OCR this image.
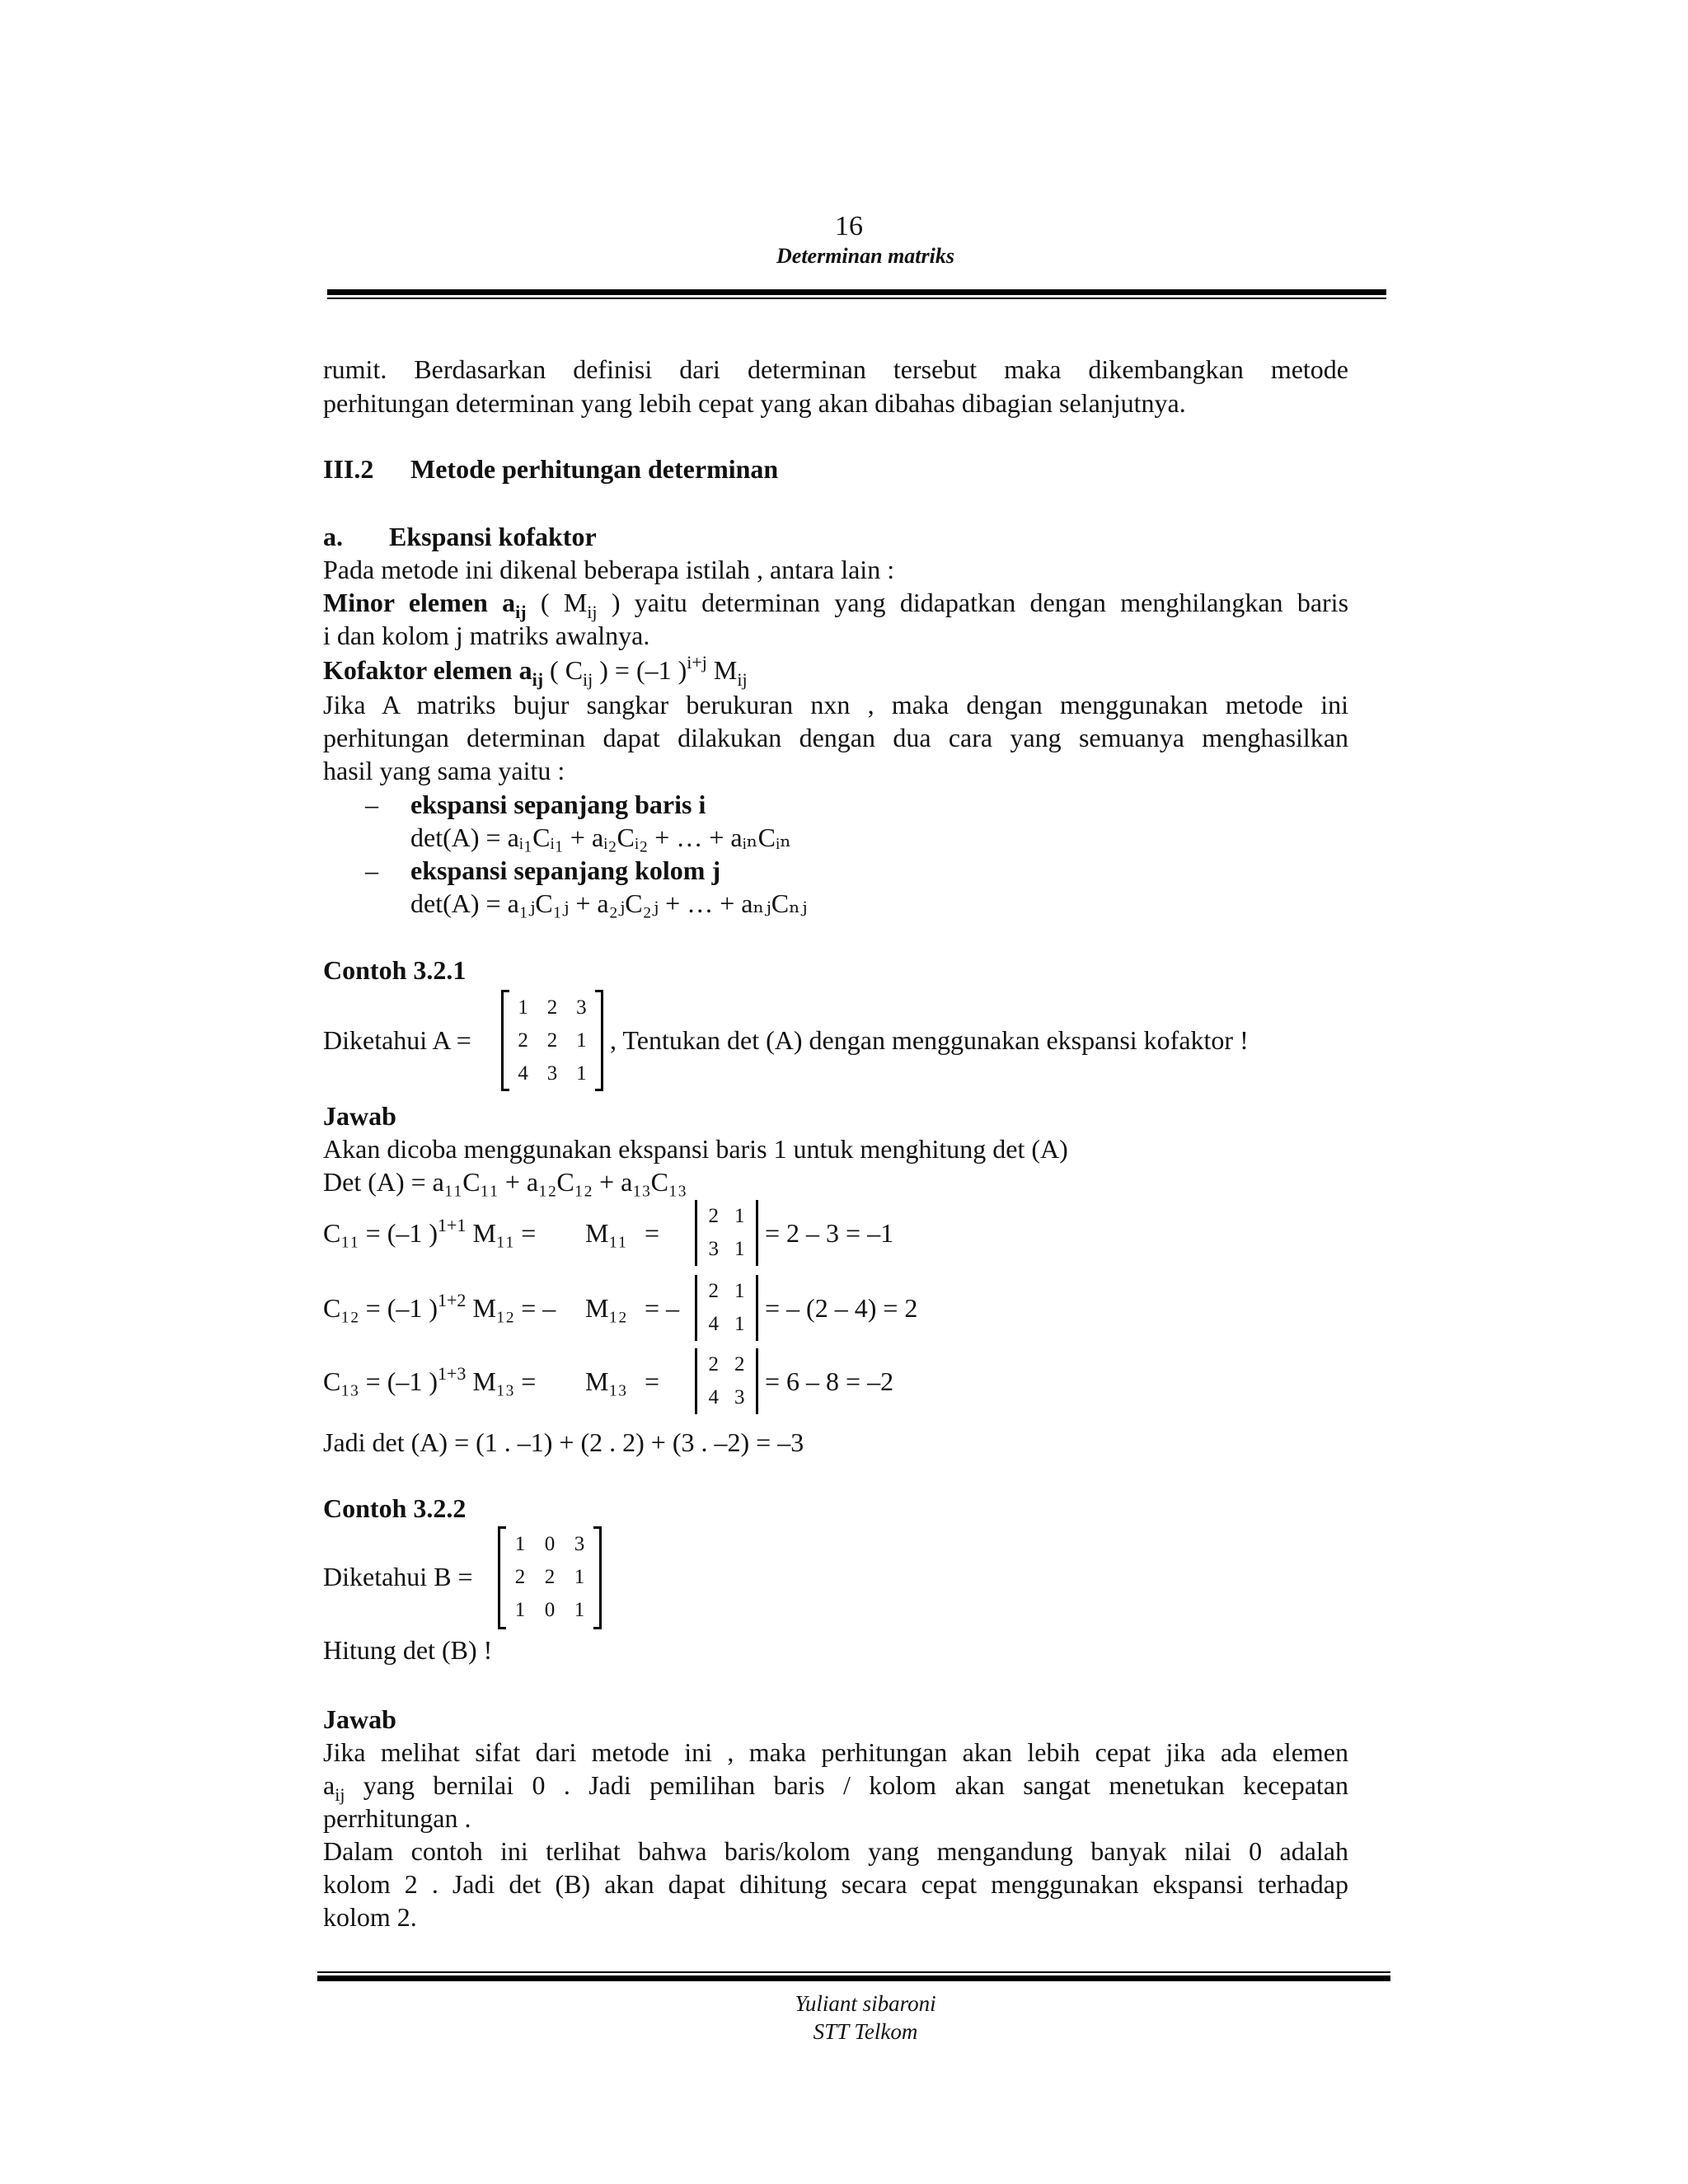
16
Determinan matriks
rumit. Berdasarkan definisi dari determinan tersebut maka dikembangkan metode
perhitungan determinan yang lebih cepat yang akan dibahas dibagian selanjutnya.
III.2 Metode perhitungan determinan
a. Ekspansi kofaktor
Pada metode ini dikenal beberapa istilah , antara lain :
Minor elemen $a_{ij}$ ( $M_{ij}$ ) yaitu determinan yang didapatkan dengan menghilangkan baris
i dan kolom j matriks awalnya.
Kofaktor elemen $a_{ij}$ ( $C_{ij}$ ) = (–1 )$^{i+j}$ $M_{ij}$
Jika A matriks bujur sangkar berukuran nxn , maka dengan menggunakan metode ini
perhitungan determinan dapat dilakukan dengan dua cara yang semuanya menghasilkan
hasil yang sama yaitu :
– ekspansi sepanjang baris i
det(A) = aᵢ₁Cᵢ₁ + aᵢ₂Cᵢ₂ + … + aᵢₙCᵢₙ
– ekspansi sepanjang kolom j
det(A) = a₁ⱼC₁ⱼ + a₂ⱼC₂ⱼ + … + aₙⱼCₙⱼ
Contoh 3.2.1
Diketahui A =
1 2 3
2 2 1
4 3 1
, Tentukan det (A) dengan menggunakan ekspansi kofaktor !
Jawab
Akan dicoba menggunakan ekspansi baris 1 untuk menghitung det (A)
Det (A) = a₁₁C₁₁ + a₁₂C₁₂ + a₁₃C₁₃
C₁₁ = (–1 )$^{1+1}$ M₁₁ = M₁₁ =
2 1
3 1
= 2 – 3 = –1
C₁₂ = (–1 )$^{1+2}$ M₁₂ = – M₁₂ = –
2 1
4 1
= – (2 – 4) = 2
C₁₃ = (–1 )$^{1+3}$ M₁₃ = M₁₃ =
2 2
4 3
= 6 – 8 = –2
Jadi det (A) = (1 . –1) + (2 . 2) + (3 . –2) = –3
Contoh 3.2.2
Diketahui B =
1 0 3
2 2 1
1 0 1
Hitung det (B) !
Jawab
Jika melihat sifat dari metode ini , maka perhitungan akan lebih cepat jika ada elemen
$a_{ij}$ yang bernilai 0 . Jadi pemilihan baris / kolom akan sangat menetukan kecepatan
perrhitungan .
Dalam contoh ini terlihat bahwa baris/kolom yang mengandung banyak nilai 0 adalah
kolom 2 . Jadi det (B) akan dapat dihitung secara cepat menggunakan ekspansi terhadap
kolom 2.
Yuliant sibaroni
STT Telkom
